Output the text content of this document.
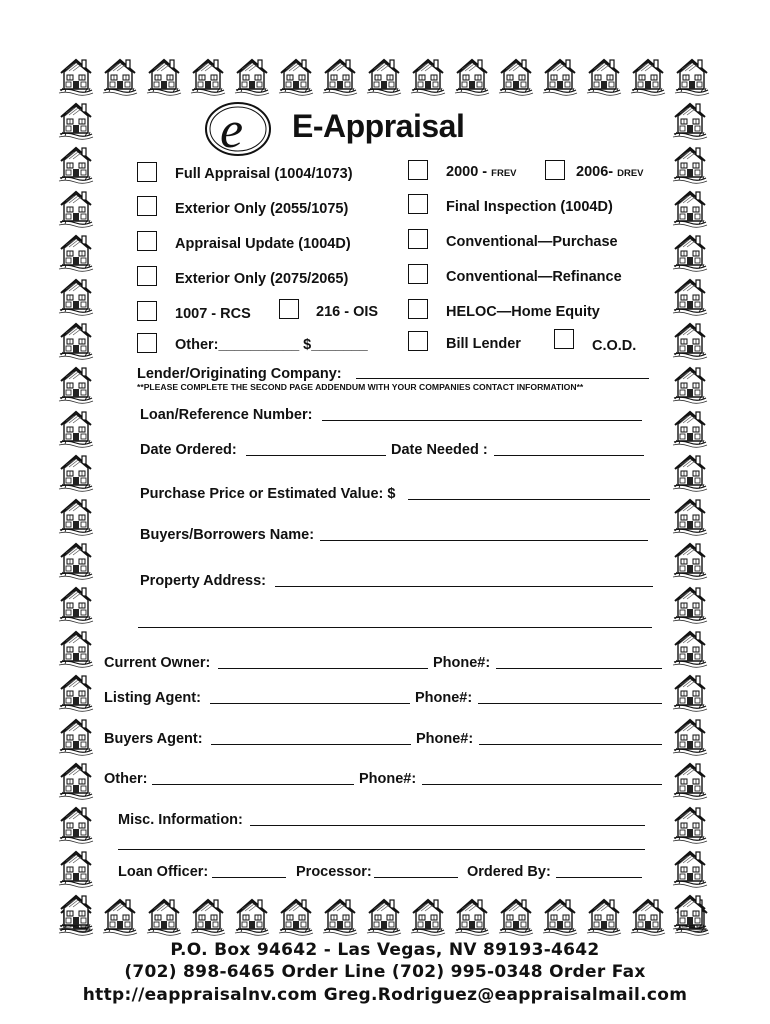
e E-Appraisal
Full Appraisal (1004/1073)
Exterior Only (2055/1075)
Appraisal Update (1004D)
Exterior Only (2075/2065)
1007 - RCS	216 - OIS
Other:__________ $_______
2000 - FREV	2006- DREV
Final Inspection (1004D)
Conventional—Purchase
Conventional—Refinance
HELOC—Home Equity
Bill Lender	C.O.D.
Lender/Originating Company:
**PLEASE COMPLETE THE SECOND PAGE ADDENDUM WITH YOUR COMPANIES CONTACT INFORMATION**
Loan/Reference Number:
Date Ordered:	Date Needed :
Purchase Price or Estimated Value: $
Buyers/Borrowers Name:
Property Address:
Current Owner:	Phone#:
Listing Agent:	Phone#:
Buyers Agent:	Phone#:
Other:	Phone#:
Misc. Information:
Loan Officer:	Processor:	Ordered By:
P.O. Box 94642 - Las Vegas, NV 89193-4642
(702) 898-6465 Order Line (702) 995-0348 Order Fax
http://eappraisalnv.com Greg.Rodriguez@eappraisalmail.com
